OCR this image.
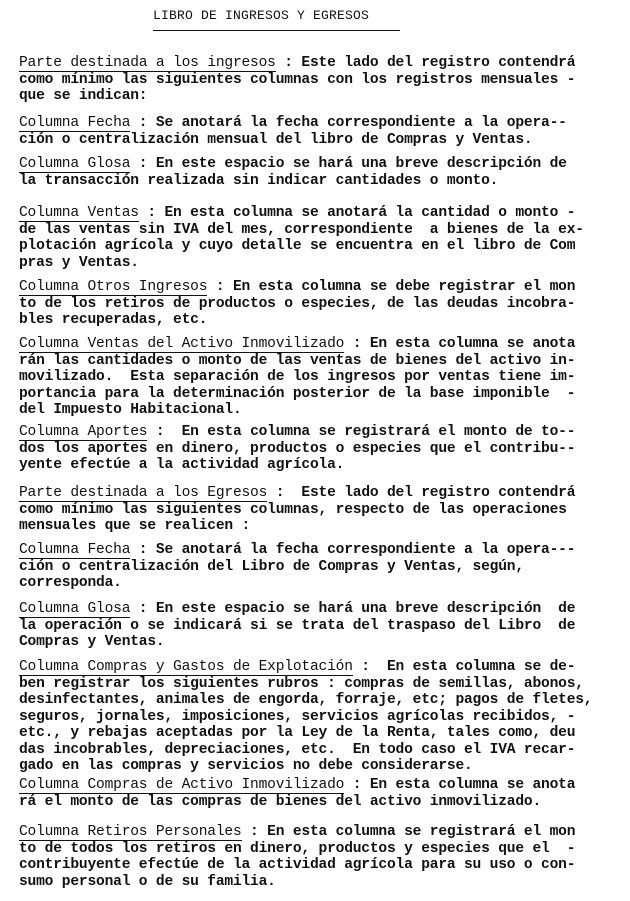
LIBRO DE INGRESOS Y EGRESOS
Parte destinada a los ingresos : Este lado del registro contendrá
como mínimo las siguientes columnas con los registros mensuales -
que se indican:
Columna Fecha : Se anotará la fecha correspondiente a la opera--
ción o centralización mensual del libro de Compras y Ventas.
Columna Glosa : En este espacio se hará una breve descripción de
la transacción realizada sin indicar cantidades o monto.
Columna Ventas : En esta columna se anotará la cantidad o monto -
de las ventas sin IVA del mes, correspondiente  a bienes de la ex-
plotación agrícola y cuyo detalle se encuentra en el libro de Com
pras y Ventas.
Columna Otros Ingresos : En esta columna se debe registrar el mon
to de los retiros de productos o especies, de las deudas incobra-
bles recuperadas, etc.
Columna Ventas del Activo Inmovilizado : En esta columna se anota
rán las cantidades o monto de las ventas de bienes del activo in-
movilizado.  Esta separación de los ingresos por ventas tiene im-
portancia para la determinación posterior de la base imponible  -
del Impuesto Habitacional.
Columna Aportes :  En esta columna se registrará el monto de to--
dos los aportes en dinero, productos o especies que el contribu--
yente efectúe a la actividad agrícola.
Parte destinada a los Egresos :  Este lado del registro contendrá
como mínimo las siguientes columnas, respecto de las operaciones
mensuales que se realicen :
Columna Fecha : Se anotará la fecha correspondiente a la opera---
ción o centralización del Libro de Compras y Ventas, según,
corresponda.
Columna Glosa : En este espacio se hará una breve descripción  de
la operación o se indicará si se trata del traspaso del Libro  de
Compras y Ventas.
Columna Compras y Gastos de Explotación :  En esta columna se de-
ben registrar los siguientes rubros : compras de semillas, abonos,
desinfectantes, animales de engorda, forraje, etc; pagos de fletes,
seguros, jornales, imposiciones, servicios agrícolas recibidos, -
etc., y rebajas aceptadas por la Ley de la Renta, tales como, deu
das incobrables, depreciaciones, etc.  En todo caso el IVA recar-
gado en las compras y servicios no debe considerarse.
Columna Compras de Activo Inmovilizado : En esta columna se anota
rá el monto de las compras de bienes del activo inmovilizado.
Columna Retiros Personales : En esta columna se registrará el mon
to de todos los retiros en dinero, productos y especies que el  -
contribuyente efectúe de la actividad agrícola para su uso o con-
sumo personal o de su familia.
